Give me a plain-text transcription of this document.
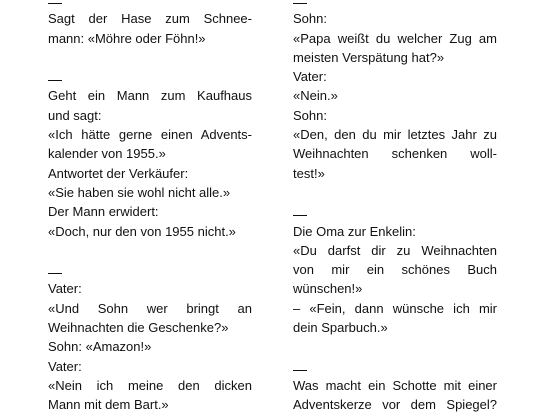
Sagt der Hase zum Schnee-
mann: «Möhre oder Föhn!»
Geht ein Mann zum Kaufhaus
und sagt:
«Ich hätte gerne einen Advents-
kalender von 1955.»
Antwortet der Verkäufer:
«Sie haben sie wohl nicht alle.»
Der Mann erwidert:
«Doch, nur den von 1955 nicht.»
Vater:
«Und Sohn wer bringt an
Weihnachten die Geschenke?»
Sohn: «Amazon!»
Vater:
«Nein ich meine den dicken
Mann mit dem Bart.»
Sohn:
«Papa weißt du welcher Zug am
meisten Verspätung hat?»
Vater:
«Nein.»
Sohn:
«Den, den du mir letztes Jahr zu
Weihnachten schenken woll-
test!»
Die Oma zur Enkelin:
«Du darfst dir zu Weihnachten
von mir ein schönes Buch
wünschen!»
– «Fein, dann wünsche ich mir
dein Sparbuch.»
Was macht ein Schotte mit einer
Adventskerze vor dem Spiegel?
